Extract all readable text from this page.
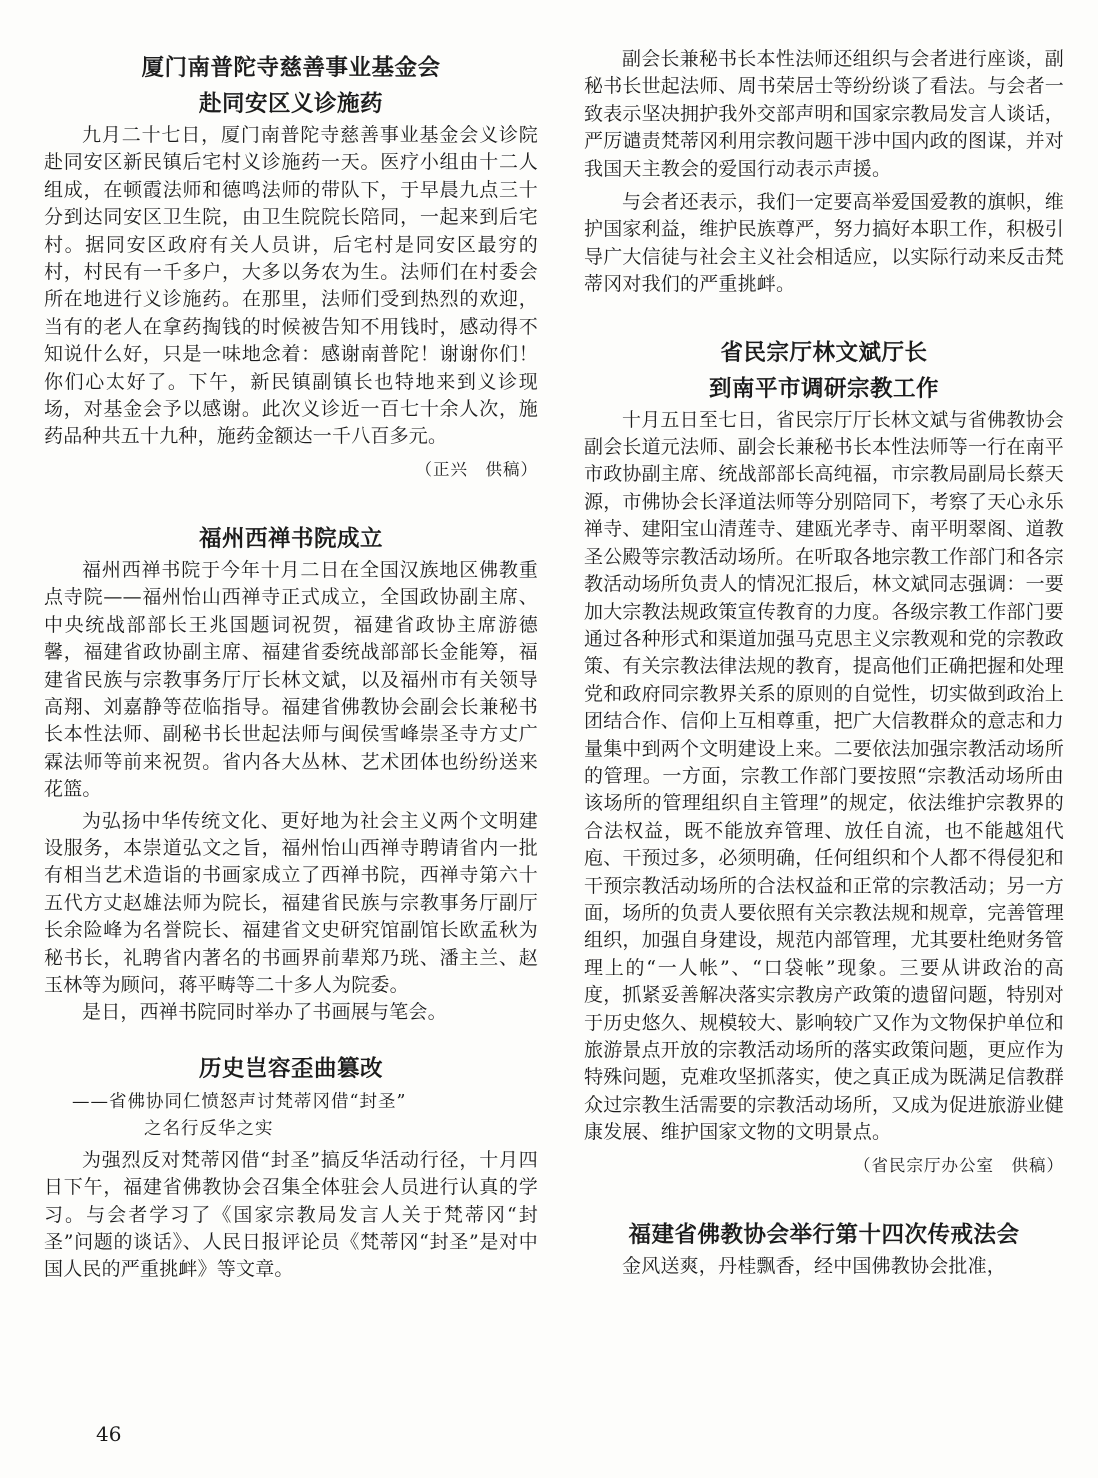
厦门南普陀寺慈善事业基金会
赴同安区义诊施药

九月二十七日，厦门南普陀寺慈善事业基金会义诊院赴同安区新民镇后宅村义诊施药一天。医疗小组由十二人组成，在顿霞法师和德鸣法师的带队下，于早晨九点三十分到达同安区卫生院，由卫生院院长陪同，一起来到后宅村。据同安区政府有关人员讲，后宅村是同安区最穷的村，村民有一千多户，大多以务农为生。法师们在村委会所在地进行义诊施药。在那里，法师们受到热烈的欢迎，当有的老人在拿药掏钱的时候被告知不用钱时，感动得不知说什么好，只是一味地念着：感谢南普陀！谢谢你们！你们心太好了。下午，新民镇副镇长也特地来到义诊现场，对基金会予以感谢。此次义诊近一百七十余人次，施药品种共五十九种，施药金额达一千八百多元。

（正兴　供稿）
福州西禅书院成立

福州西禅书院于今年十月二日在全国汉族地区佛教重点寺院——福州怡山西禅寺正式成立，全国政协副主席、中央统战部部长王兆国题词祝贺，福建省政协主席游德馨，福建省政协副主席、福建省委统战部部长金能筹，福建省民族与宗教事务厅厅长林文斌，以及福州市有关领导高翔、刘嘉静等莅临指导。福建省佛教协会副会长兼秘书长本性法师、副秘书长世起法师与闽侯雪峰崇圣寺方丈广霖法师等前来祝贺。省内各大丛林、艺术团体也纷纷送来花篮。

为弘扬中华传统文化、更好地为社会主义两个文明建设服务，本崇道弘文之旨，福州怡山西禅寺聘请省内一批有相当艺术造诣的书画家成立了西禅书院，西禅寺第六十五代方丈赵雄法师为院长，福建省民族与宗教事务厅副厅长余险峰为名誉院长、福建省文史研究馆副馆长欧孟秋为秘书长，礼聘省内著名的书画界前辈郑乃珖、潘主兰、赵玉林等为顾问，蒋平畴等二十多人为院委。

是日，西禅书院同时举办了书画展与笔会。

历史岂容歪曲篡改
——省佛协同仁愤怒声讨梵蒂冈借“封圣”
之名行反华之实

为强烈反对梵蒂冈借“封圣”搞反华活动行径，十月四日下午，福建省佛教协会召集全体驻会人员进行认真的学习。与会者学习了《国家宗教局发言人关于梵蒂冈“封圣”问题的谈话》、人民日报评论员《梵蒂冈“封圣”是对中国人民的严重挑衅》等文章。

副会长兼秘书长本性法师还组织与会者进行座谈，副秘书长世起法师、周书荣居士等纷纷谈了看法。与会者一致表示坚决拥护我外交部声明和国家宗教局发言人谈话，严厉谴责梵蒂冈利用宗教问题干涉中国内政的图谋，并对我国天主教会的爱国行动表示声援。

与会者还表示，我们一定要高举爱国爱教的旗帜，维护国家利益，维护民族尊严，努力搞好本职工作，积极引导广大信徒与社会主义社会相适应，以实际行动来反击梵蒂冈对我们的严重挑衅。

省民宗厅林文斌厅长
到南平市调研宗教工作

十月五日至七日，省民宗厅厅长林文斌与省佛教协会副会长道元法师、副会长兼秘书长本性法师等一行在南平市政协副主席、统战部部长高纯福，市宗教局副局长蔡天源，市佛协会长泽道法师等分别陪同下，考察了天心永乐禅寺、建阳宝山清莲寺、建瓯光孝寺、南平明翠阁、道教圣公殿等宗教活动场所。在听取各地宗教工作部门和各宗教活动场所负责人的情况汇报后，林文斌同志强调：一要加大宗教法规政策宣传教育的力度。各级宗教工作部门要通过各种形式和渠道加强马克思主义宗教观和党的宗教政策、有关宗教法律法规的教育，提高他们正确把握和处理党和政府同宗教界关系的原则的自觉性，切实做到政治上团结合作、信仰上互相尊重，把广大信教群众的意志和力量集中到两个文明建设上来。二要依法加强宗教活动场所的管理。一方面，宗教工作部门要按照“宗教活动场所由该场所的管理组织自主管理”的规定，依法维护宗教界的合法权益，既不能放弃管理、放任自流，也不能越俎代庖、干预过多，必须明确，任何组织和个人都不得侵犯和干预宗教活动场所的合法权益和正常的宗教活动；另一方面，场所的负责人要依照有关宗教法规和规章，完善管理组织，加强自身建设，规范内部管理，尤其要杜绝财务管理上的“一人帐”、“口袋帐”现象。三要从讲政治的高度，抓紧妥善解决落实宗教房产政策的遗留问题，特别对于历史悠久、规模较大、影响较广又作为文物保护单位和旅游景点开放的宗教活动场所的落实政策问题，更应作为特殊问题，克难攻坚抓落实，使之真正成为既满足信教群众过宗教生活需要的宗教活动场所，又成为促进旅游业健康发展、维护国家文物的文明景点。

（省民宗厅办公室　供稿）
福建省佛教协会举行第十四次传戒法会

金风送爽，丹桂飘香，经中国佛教协会批准，

46
